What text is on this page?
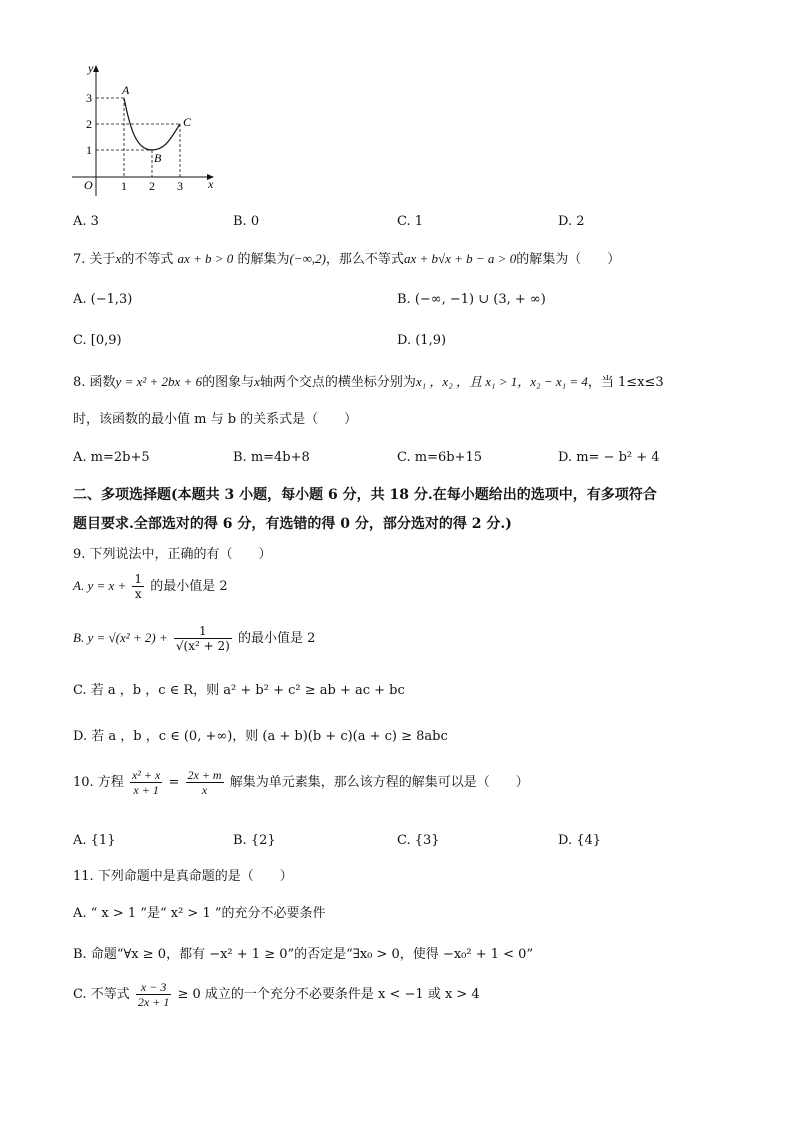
y
x
O
1
2
3
1 2 3
A
B
C
A. 3	B. 0	C. 1	D. 2
7. 关于x的不等式 ax + b > 0 的解集为(−∞,2)，那么不等式ax + b√x + b − a > 0的解集为（　　）
A. (−1,3)	B. (−∞, −1) ∪ (3, + ∞)
C. [0,9)	D. (1,9)
8. 函数y = x² + 2bx + 6的图象与x轴两个交点的横坐标分别为x₁ ，x₂ ，且 x₁ > 1，x₂ − x₁ = 4，当 1≤x≤3
时，该函数的最小值 m 与 b 的关系式是（　　）
A. m=2b+5	B. m=4b+8	C. m=6b+15	D. m= − b² + 4
二、多项选择题(本题共 3 小题，每小题 6 分，共 18 分.在每小题给出的选项中，有多项符合
题目要求.全部选对的得 6 分，有选错的得 0 分，部分选对的得 2 分.)
9. 下列说法中，正确的有（　　）
A. $y = x + \frac{1}{x}$ 的最小值是 2
B. $y = √(x^2 + 2) + \frac{1}{\text{√(x² + 2)}}$ 的最小值是 2
C. 若 a ，b ，c ∈ R，则 a² + b² + c² ≥ ab + ac + bc
D. 若 a ，b ，c ∈ (0, +∞)，则 (a + b)(b + c)(a + c) ≥ 8abc
10. 方程 $\frac{\text{x² + x}}{x + 1} = \frac{2x + m}{x}$ 解集为单元素集，那么该方程的解集可以是（　　）
A. {1}	B. {2}	C. {3}	D. {4}
11. 下列命题中是真命题的是（　　）
A. “ x > 1 ”是“ x² > 1 ”的充分不必要条件
B. 命题“∀x ≥ 0，都有 −x² + 1 ≥ 0”的否定是“∃x₀ > 0，使得 −x₀² + 1 < 0”
C. 不等式 $\frac{x - 3}{2x + 1} \ge 0$ 成立的一个充分不必要条件是 x < −1 或 x > 4
